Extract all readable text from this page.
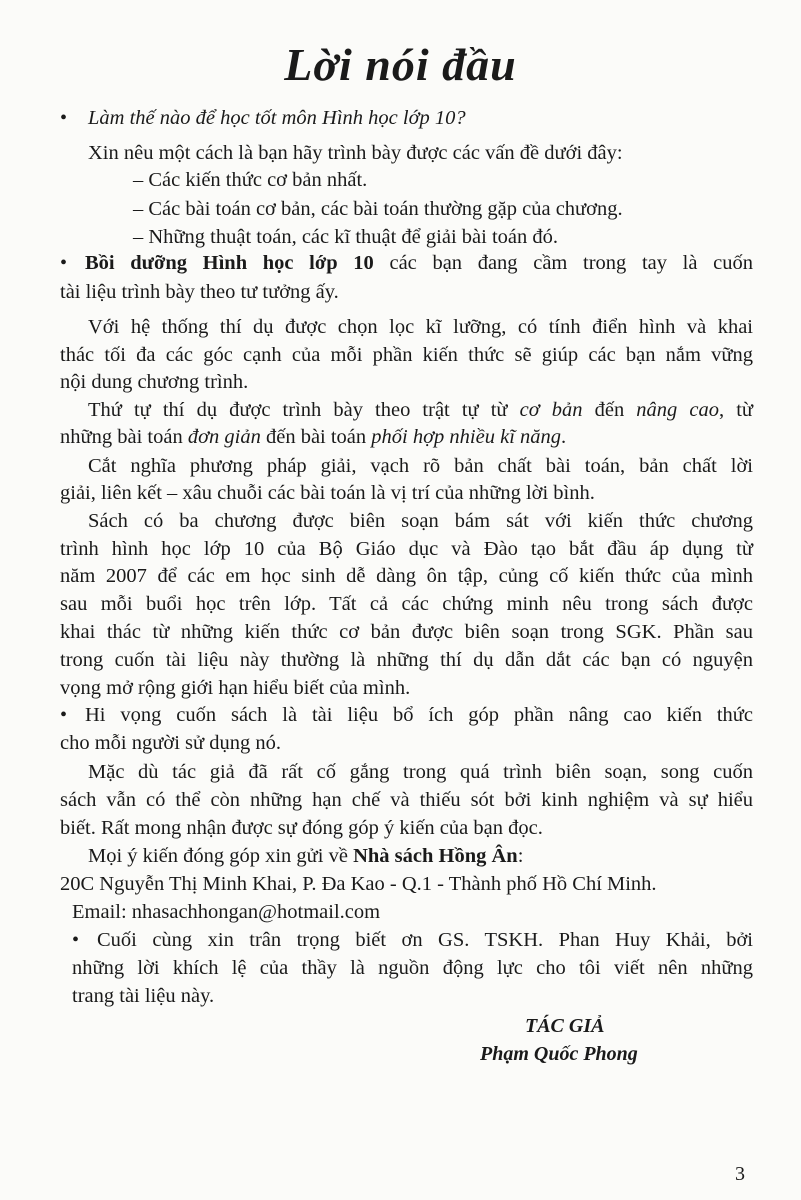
Lời nói đầu
• Làm thế nào để học tốt môn Hình học lớp 10?
Xin nêu một cách là bạn hãy trình bày được các vấn đề dưới đây:
– Các kiến thức cơ bản nhất.
– Các bài toán cơ bản, các bài toán thường gặp của chương.
– Những thuật toán, các kĩ thuật để giải bài toán đó.
• Bồi dưỡng Hình học lớp 10 các bạn đang cầm trong tay là cuốn
tài liệu trình bày theo tư tưởng ấy.
Với hệ thống thí dụ được chọn lọc kĩ lưỡng, có tính điển hình và khai
thác tối đa các góc cạnh của mỗi phần kiến thức sẽ giúp các bạn nắm vững
nội dung chương trình.
Thứ tự thí dụ được trình bày theo trật tự từ cơ bản đến nâng cao, từ
những bài toán đơn giản đến bài toán phối hợp nhiều kĩ năng.
Cắt nghĩa phương pháp giải, vạch rõ bản chất bài toán, bản chất lời
giải, liên kết – xâu chuỗi các bài toán là vị trí của những lời bình.
Sách có ba chương được biên soạn bám sát với kiến thức chương
trình hình học lớp 10 của Bộ Giáo dục và Đào tạo bắt đầu áp dụng từ
năm 2007 để các em học sinh dễ dàng ôn tập, củng cố kiến thức của mình
sau mỗi buổi học trên lớp. Tất cả các chứng minh nêu trong sách được
khai thác từ những kiến thức cơ bản được biên soạn trong SGK. Phần sau
trong cuốn tài liệu này thường là những thí dụ dẫn dắt các bạn có nguyện
vọng mở rộng giới hạn hiểu biết của mình.
• Hi vọng cuốn sách là tài liệu bổ ích góp phần nâng cao kiến thức
cho mỗi người sử dụng nó.
Mặc dù tác giả đã rất cố gắng trong quá trình biên soạn, song cuốn
sách vẫn có thể còn những hạn chế và thiếu sót bởi kinh nghiệm và sự hiểu
biết. Rất mong nhận được sự đóng góp ý kiến của bạn đọc.
Mọi ý kiến đóng góp xin gửi về Nhà sách Hồng Ân:
20C Nguyễn Thị Minh Khai, P. Đa Kao - Q.1 - Thành phố Hồ Chí Minh.
Email: nhasachhongan@hotmail.com
• Cuối cùng xin trân trọng biết ơn GS. TSKH. Phan Huy Khải, bởi
những lời khích lệ của thầy là nguồn động lực cho tôi viết nên những
trang tài liệu này.
TÁC GIẢ
Phạm Quốc Phong
3
